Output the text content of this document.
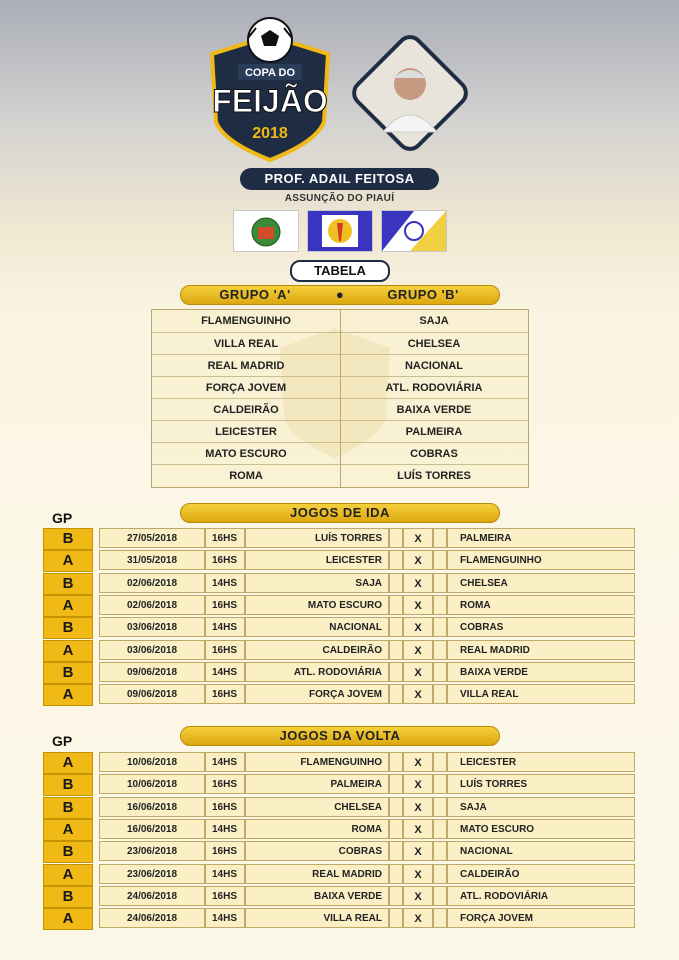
COPA DO
FEIJÃO
2018
PROF. ADAIL FEITOSA
ASSUNÇÃO DO PIAUÍ
TABELA
GRUPO 'A'	●	GRUPO 'B'
FLAMENGUINHO	SAJA
VILLA REAL	CHELSEA
REAL MADRID	NACIONAL
FORÇA JOVEM	ATL. RODOVIÁRIA
CALDEIRÃO	BAIXA VERDE
LEICESTER	PALMEIRA
MATO ESCURO	COBRAS
ROMA	LUÍS TORRES
GP	JOGOS DE IDA
B	27/05/2018	16HS	LUÍS TORRES	X	PALMEIRA
A	31/05/2018	16HS	LEICESTER	X	FLAMENGUINHO
B	02/06/2018	14HS	SAJA	X	CHELSEA
A	02/06/2018	16HS	MATO ESCURO	X	ROMA
B	03/06/2018	14HS	NACIONAL	X	COBRAS
A	03/06/2018	16HS	CALDEIRÃO	X	REAL MADRID
B	09/06/2018	14HS	ATL. RODOVIÁRIA	X	BAIXA VERDE
A	09/06/2018	16HS	FORÇA JOVEM	X	VILLA REAL
GP	JOGOS DA VOLTA
A	10/06/2018	14HS	FLAMENGUINHO	X	LEICESTER
B	10/06/2018	16HS	PALMEIRA	X	LUÍS TORRES
B	16/06/2018	16HS	CHELSEA	X	SAJA
A	16/06/2018	14HS	ROMA	X	MATO ESCURO
B	23/06/2018	16HS	COBRAS	X	NACIONAL
A	23/06/2018	14HS	REAL MADRID	X	CALDEIRÃO
B	24/06/2018	16HS	BAIXA VERDE	X	ATL. RODOVIÁRIA
A	24/06/2018	14HS	VILLA REAL	X	FORÇA JOVEM
